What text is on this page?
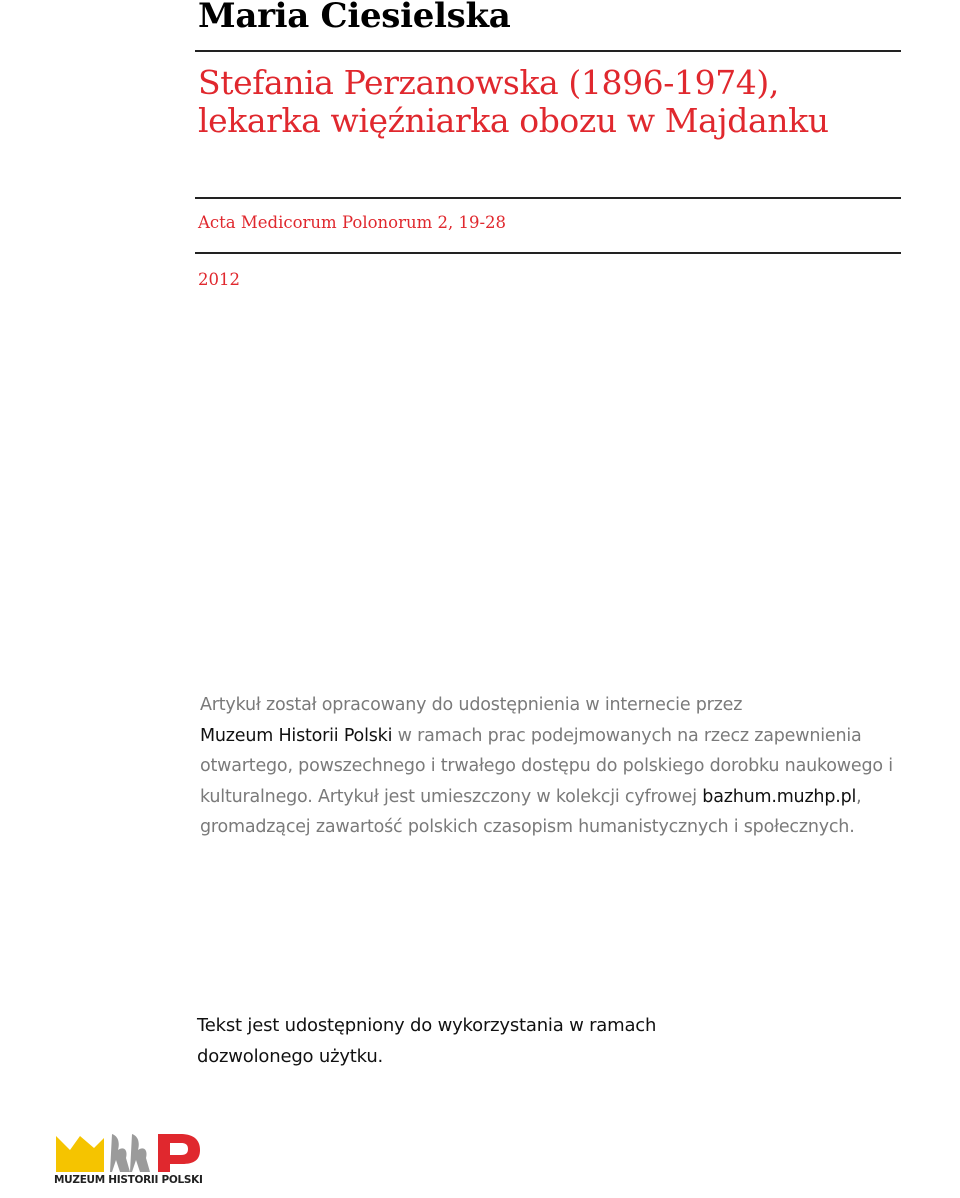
Maria Ciesielska
Stefania Perzanowska (1896-1974), lekarka więźniarka obozu w Majdanku
Acta Medicorum Polonorum 2, 19-28
2012
Artykuł został opracowany do udostępnienia w internecie przez
Muzeum Historii Polski w ramach prac podejmowanych na rzecz zapewnienia otwartego, powszechnego i trwałego dostępu do polskiego dorobku naukowego i kulturalnego. Artykuł jest umieszczony w kolekcji cyfrowej bazhum.muzhp.pl, gromadzącej zawartość polskich czasopism humanistycznych i społecznych.
Tekst jest udostępniony do wykorzystania w ramach dozwolonego użytku.
MUZEUM HISTORII POLSKI
